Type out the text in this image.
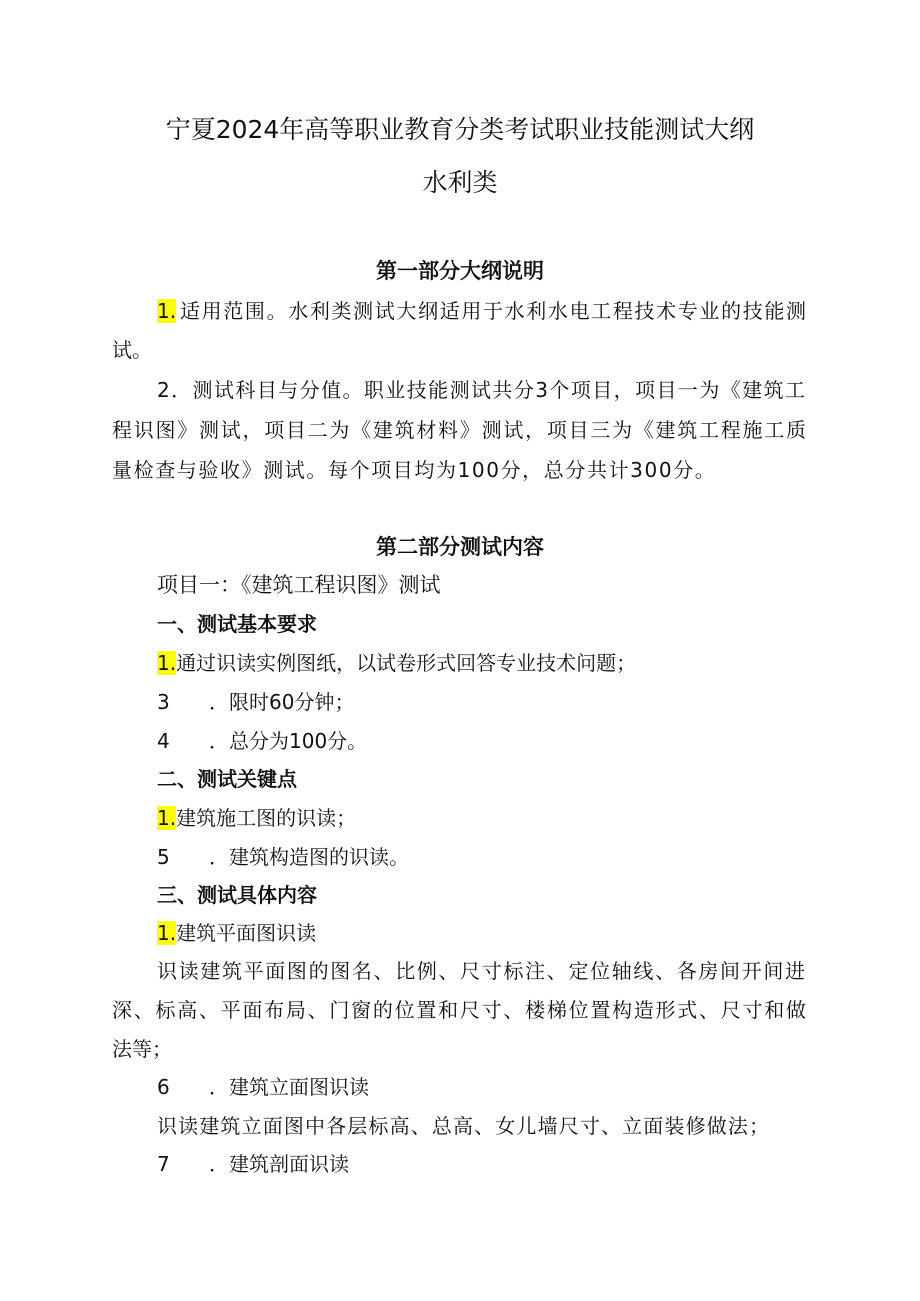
宁夏2024年高等职业教育分类考试职业技能测试大纲
水利类
第一部分大纲说明
1. 适用范围。水利类测试大纲适用于水利水电工程技术专业的技能测
试。
2．测试科目与分值。职业技能测试共分3个项目，项目一为《建筑工
程识图》测试，项目二为《建筑材料》测试，项目三为《建筑工程施工质
量检查与验收》测试。每个项目均为100分，总分共计300分。
第二部分测试内容
项目一：《建筑工程识图》测试
一、测试基本要求
1.通过识读实例图纸，以试卷形式回答专业技术问题；
3 ．限时60分钟；
4 ．总分为100分。
二、测试关键点
1.建筑施工图的识读；
5 ．建筑构造图的识读。
三、测试具体内容
1.建筑平面图识读
识读建筑平面图的图名、比例、尺寸标注、定位轴线、各房间开间进
深、标高、平面布局、门窗的位置和尺寸、楼梯位置构造形式、尺寸和做
法等；
6 ．建筑立面图识读
识读建筑立面图中各层标高、总高、女儿墙尺寸、立面装修做法；
7 ．建筑剖面识读
